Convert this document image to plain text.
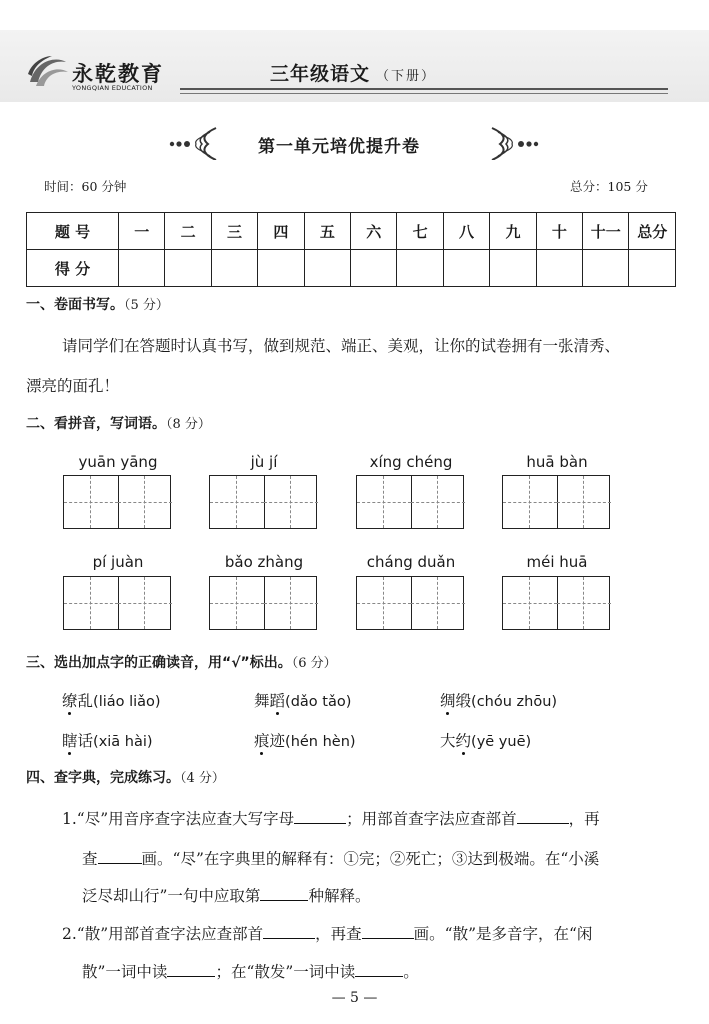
永乾教育
YONGQIAN EDUCATION
三年级语文 （下册）
第一单元培优提升卷
时间：60 分钟	总分：105 分
题 号	一	二	三	四	五	六	七	八	九	十	十一	总分
得 分												
一、卷面书写。（5 分）
请同学们在答题时认真书写，做到规范、端正、美观，让你的试卷拥有一张清秀、
漂亮的面孔！
二、看拼音，写词语。（8 分）
yuān yāng	jù jí	xíng chéng	huā bàn
pí juàn	bǎo zhàng	cháng duǎn	méi huā
三、选出加点字的正确读音，用“√”标出。（6 分）
缭乱(liáo liǎo)	舞蹈(dǎo tǎo)	绸缎(chóu zhōu)
瞎话(xiā hài)	痕迹(hén hèn)	大约(yē yuē)
四、查字典，完成练习。（4 分）
1.“尽”用音序查字法应查大写字母	；用部首查字法应查部首	，再
查	画。“尽”在字典里的解释有：①完；②死亡；③达到极端。在“小溪
泛尽却山行”一句中应取第	种解释。
2.“散”用部首查字法应查部首	，再查	画。“散”是多音字，在“闲
散”一词中读	；在“散发”一词中读	。
— 5 —
